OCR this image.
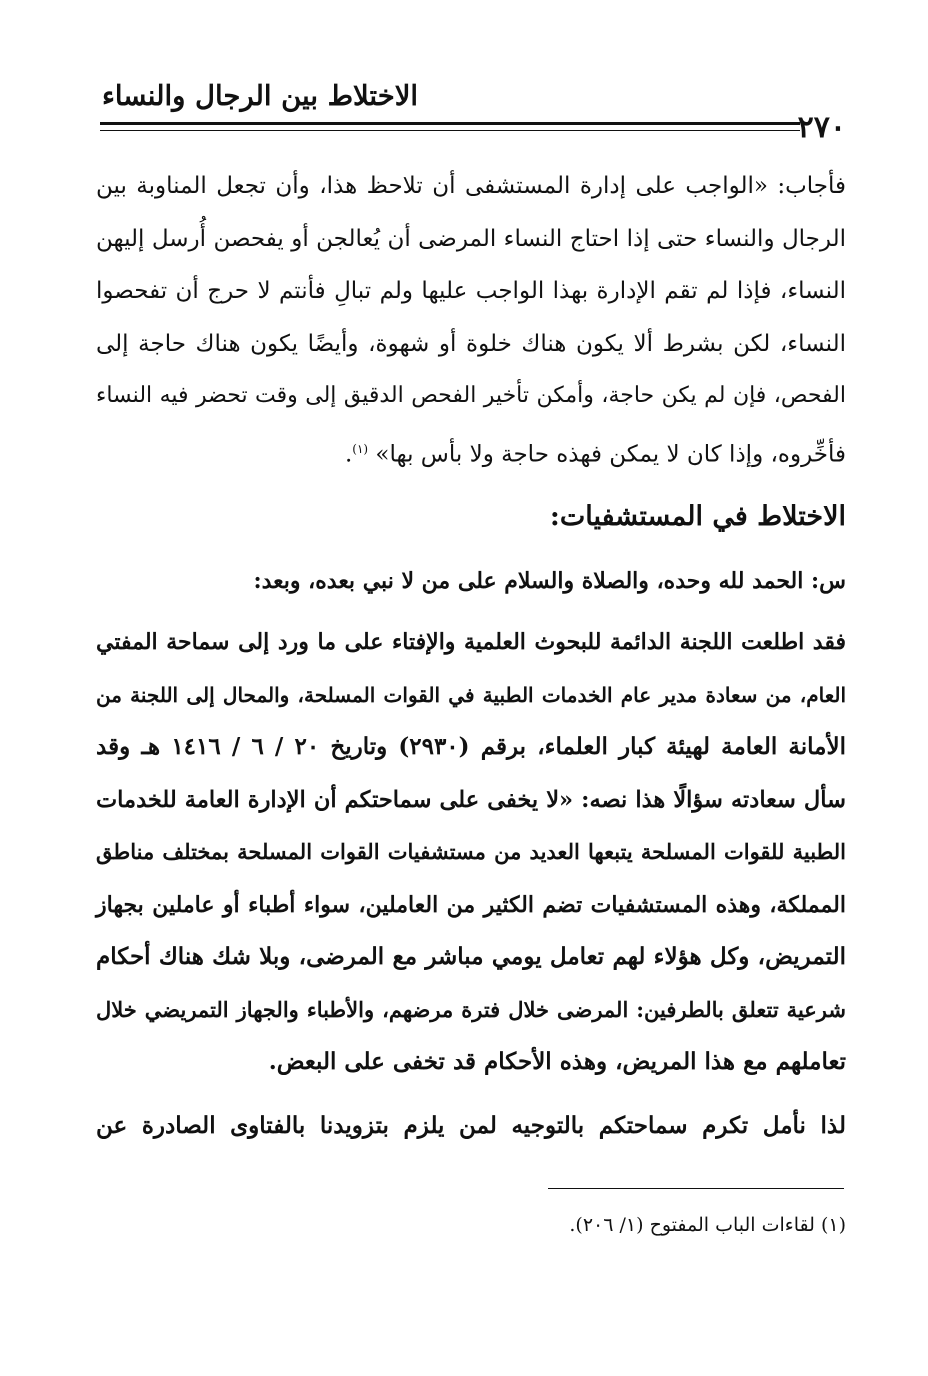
الاختلاط بين الرجال والنساء
٢٧٠
فأجاب: «الواجب على إدارة المستشفى أن تلاحظ هذا، وأن تجعل المناوبة بين
الرجال والنساء حتى إذا احتاج النساء المرضى أن يُعالجن أو يفحصن أُرسل إليهن
النساء، فإذا لم تقم الإدارة بهذا الواجب عليها ولم تبالِ فأنتم لا حرج أن تفحصوا
النساء، لكن بشرط ألا يكون هناك خلوة أو شهوة، وأيضًا يكون هناك حاجة إلى
الفحص، فإن لم يكن حاجة، وأمكن تأخير الفحص الدقيق إلى وقت تحضر فيه النساء
فأخِّروه، وإذا كان لا يمكن فهذه حاجة ولا بأس بها» $^{(١)}$.
الاختلاط في المستشفيات:
س: الحمد لله وحده، والصلاة والسلام على من لا نبي بعده، وبعد:
فقد اطلعت اللجنة الدائمة للبحوث العلمية والإفتاء على ما ورد إلى سماحة المفتي
العام، من سعادة مدير عام الخدمات الطبية في القوات المسلحة، والمحال إلى اللجنة من
الأمانة العامة لهيئة كبار العلماء، برقم (٢٩٣٠) وتاريخ ٢٠ / ٦ / ١٤١٦ هـ وقد
سأل سعادته سؤالًا هذا نصه: «لا يخفى على سماحتكم أن الإدارة العامة للخدمات
الطبية للقوات المسلحة يتبعها العديد من مستشفيات القوات المسلحة بمختلف مناطق
المملكة، وهذه المستشفيات تضم الكثير من العاملين، سواء أطباء أو عاملين بجهاز
التمريض، وكل هؤلاء لهم تعامل يومي مباشر مع المرضى، وبلا شك هناك أحكام
شرعية تتعلق بالطرفين: المرضى خلال فترة مرضهم، والأطباء والجهاز التمريضي خلال
تعاملهم مع هذا المريض، وهذه الأحكام قد تخفى على البعض.
لذا نأمل تكرم سماحتكم بالتوجيه لمن يلزم بتزويدنا بالفتاوى الصادرة عن
(١) لقاءات الباب المفتوح (١/ ٢٠٦).
